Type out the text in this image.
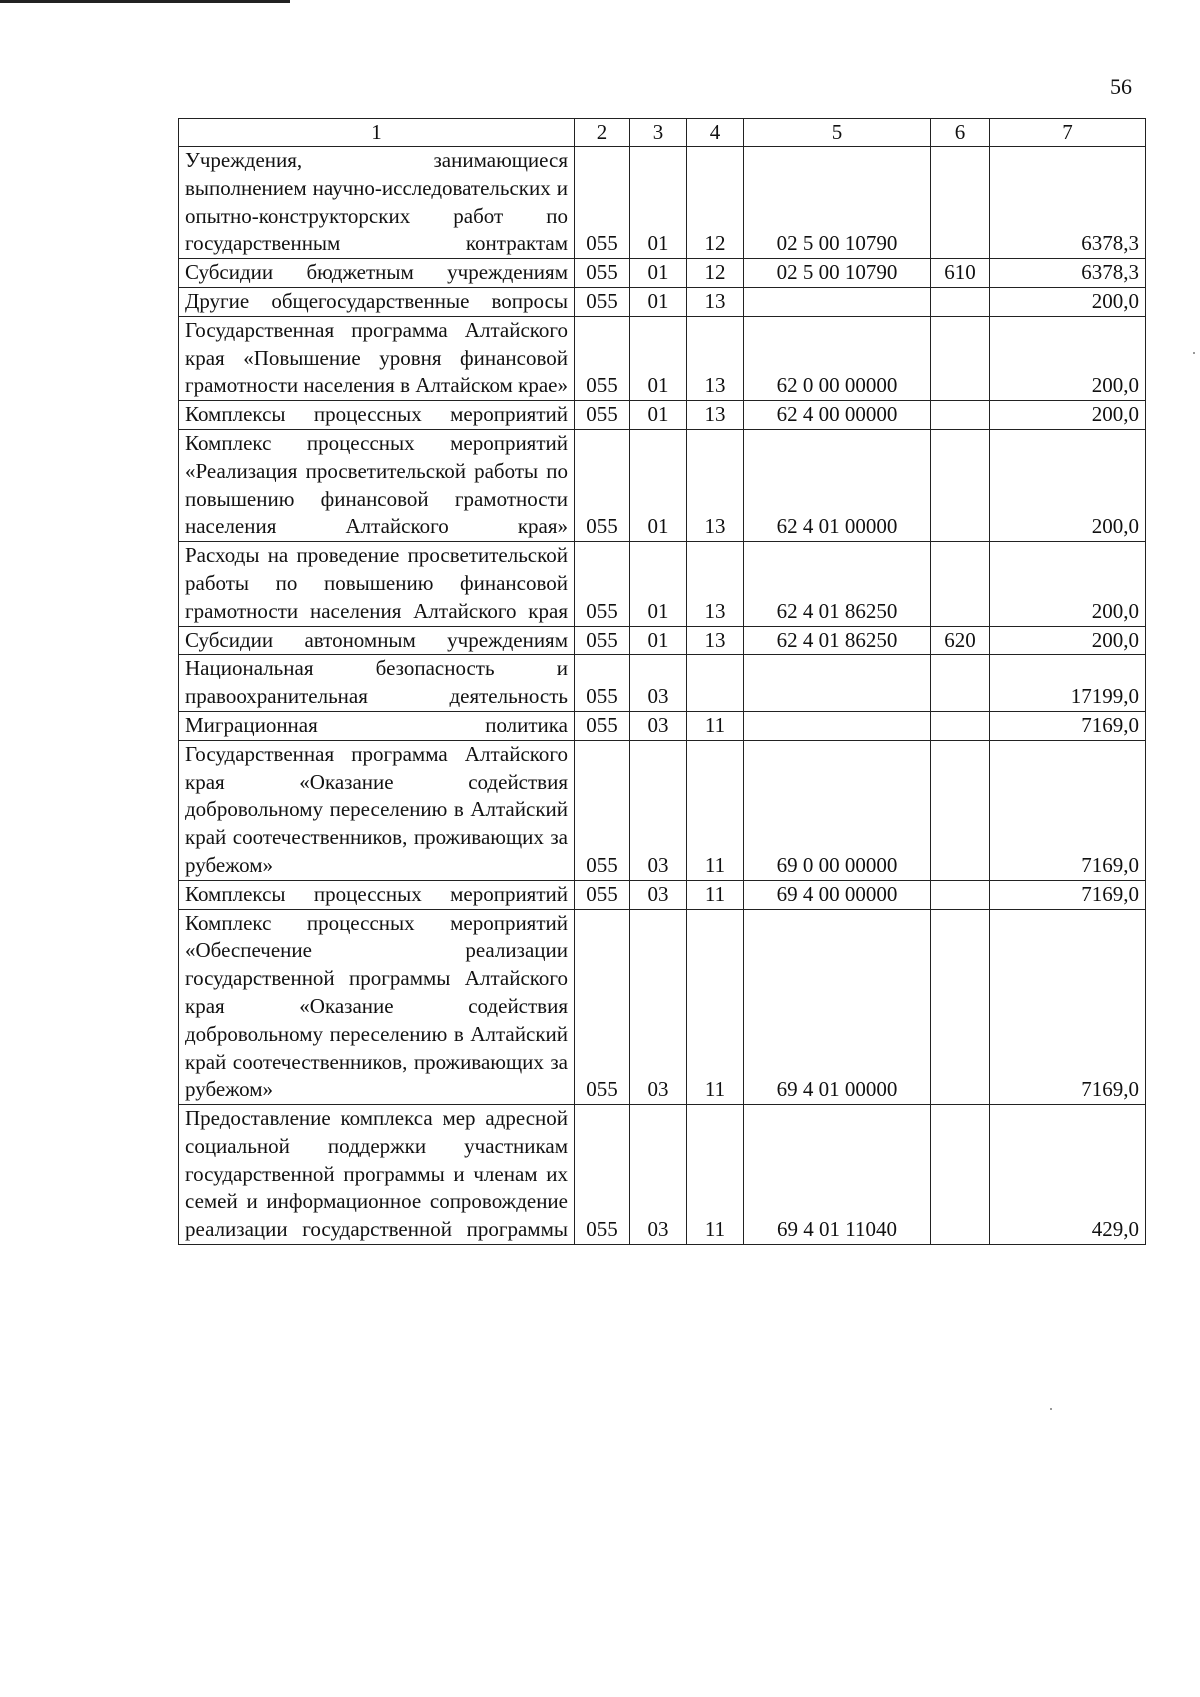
56
1	2	3	4	5	6	7
Учреждения, занимающиеся выполнением научно-исследовательских и опытно-конструкторских работ по государственным контрактам	055	01	12	02 5 00 10790		6378,3
Субсидии бюджетным учреждениям	055	01	12	02 5 00 10790	610	6378,3
Другие общегосударственные вопросы	055	01	13			200,0
Государственная программа Алтайского края «Повышение уровня финансовой грамотности населения в Алтайском крае»	055	01	13	62 0 00 00000		200,0
Комплексы процессных мероприятий	055	01	13	62 4 00 00000		200,0
Комплекс процессных мероприятий «Реализация просветительской работы по повышению финансовой грамотности населения Алтайского края»	055	01	13	62 4 01 00000		200,0
Расходы на проведение просветительской работы по повышению финансовой грамотности населения Алтайского края	055	01	13	62 4 01 86250		200,0
Субсидии автономным учреждениям	055	01	13	62 4 01 86250	620	200,0
Национальная безопасность и правоохранительная деятельность	055	03				17199,0
Миграционная политика	055	03	11			7169,0
Государственная программа Алтайского края «Оказание содействия добровольному переселению в Алтайский край соотечественников, проживающих за рубежом»	055	03	11	69 0 00 00000		7169,0
Комплексы процессных мероприятий	055	03	11	69 4 00 00000		7169,0
Комплекс процессных мероприятий «Обеспечение реализации государственной программы Алтайского края «Оказание содействия добровольному переселению в Алтайский край соотечественников, проживающих за рубежом»	055	03	11	69 4 01 00000		7169,0
Предоставление комплекса мер адресной социальной поддержки участникам государственной программы и членам их семей и информационное сопровождение реализации государственной программы	055	03	11	69 4 01 11040		429,0
